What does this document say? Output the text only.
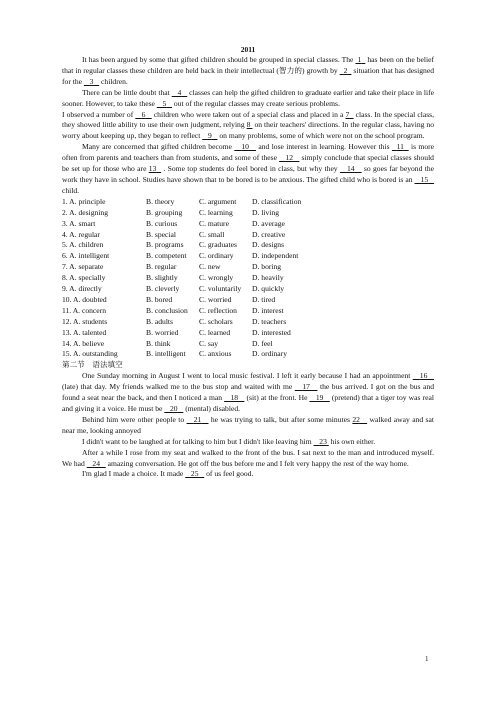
2011

It has been argued by some that gifted children should be grouped in special classes. The 1   has been on the belief that in regular classes these children are held back in their intellectual (智力的) growth by   2   situation that has designed for the    3    children.

There can be little doubt that    4    classes can help the gifted children to graduate earlier and take their place in life sooner. However, to take these    5    out of the regular classes may create serious problems.

I observed a number of    6    children who were taken out of a special class and placed in a 7   class. In the special class, they showed little ability to use their own judgment, relying 8  on their teachers' directions. In the regular class, having no worry about keeping up, they began to reflect    9    on many problems, some of which were not on the school program.

Many are concerned that gifted children become    10    and lose interest in learning. However this   11   is more often from parents and teachers than from students, and some of these    12    simply conclude that special classes should be set up for those who are 13   . Some top students do feel bored in class, but why they    14    so goes far beyond the work they have in school. Studies have shown that to be bored is to be anxious. The gifted child who is bored is an    15    child.

1. A. principle	B. theory	C. argument D. classification

2. A. designing	B. grouping C. learning	D. living

3. A. smart	B. curious	C. mature	D. average

4. A. regular	B. special	C. small	D. creative

5. A. children	B. programs C. graduates D. designs

6. A. intelligent	B. competent C. ordinary D. independent

7. A. separate	B. regular	C. new	D. boring

8. A. specially	B. slightly	C. wrongly D. heavily

9. A. directly	B. cleverly	C. voluntarily D. quickly

10. A. doubted	B. bored	C. worried	D. tired

11. A. concern	B. conclusion C. reflection D. interest

12. A. students	B. adults	C. scholars	D. teachers

13. A. talented	B. worried	C. learned	D. interested

14. A. believe	B. think	C. say	D. feel

15. A. outstanding	B. intelligent C. anxious	D. ordinary

第二节　语法填空

One Sunday morning in August I went to local music festival. I left it early because I had an appointment    16    (late) that day. My friends walked me to the bus stop and waited with me    17    the bus arrived. I got on the bus and found a seat near the back, and then I noticed a man    18    (sit) at the front. He    19    (pretend) that a tiger toy was real and giving it a voice. He must be    20    (mental) disabled.

Behind him were other people to    21    he was trying to talk, but after some minutes 22    walked away and sat near me, looking annoyed

I didn't want to be laughed at for talking to him but I didn't like leaving him    23  his own either.

After a while I rose from my seat and walked to the front of the bus. I sat next to the man and introduced myself. We had    24    amazing conversation. He got off the bus before me and I felt very happy the rest of the way home.

I'm glad I made a choice. It made    25    of us feel good.

1
